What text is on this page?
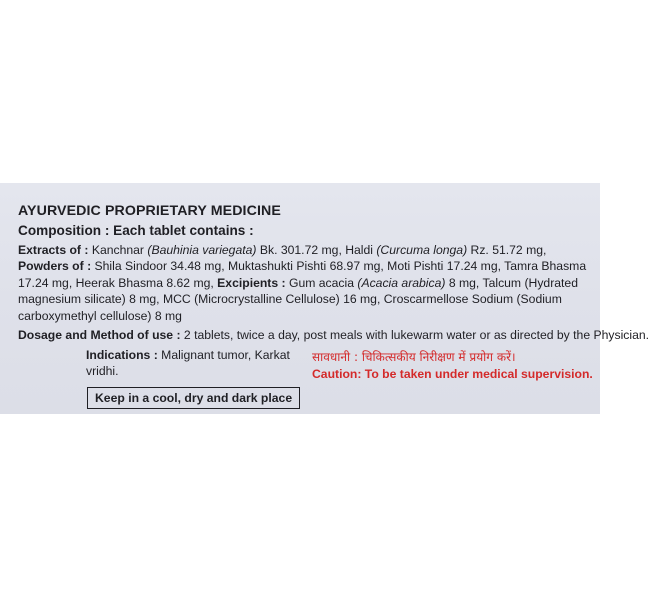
AYURVEDIC PROPRIETARY MEDICINE
Composition : Each tablet contains :
Extracts of : Kanchnar (Bauhinia variegata) Bk. 301.72 mg, Haldi (Curcuma longa) Rz. 51.72 mg, Powders of : Shila Sindoor 34.48 mg, Muktashukti Pishti 68.97 mg, Moti Pishti 17.24 mg, Tamra Bhasma 17.24 mg, Heerak Bhasma 8.62 mg, Excipients : Gum acacia (Acacia arabica) 8 mg, Talcum (Hydrated magnesium silicate) 8 mg, MCC (Microcrystalline Cellulose) 16 mg, Croscarmellose Sodium (Sodium carboxymethyl cellulose) 8 mg
Dosage and Method of use : 2 tablets, twice a day, post meals with lukewarm water or as directed by the Physician.
Indications : Malignant tumor, Karkat vridhi.
सावधानी : चिकित्सकीय निरीक्षण में प्रयोग करें।
Caution: To be taken under medical supervision.
Keep in a cool, dry and dark place
